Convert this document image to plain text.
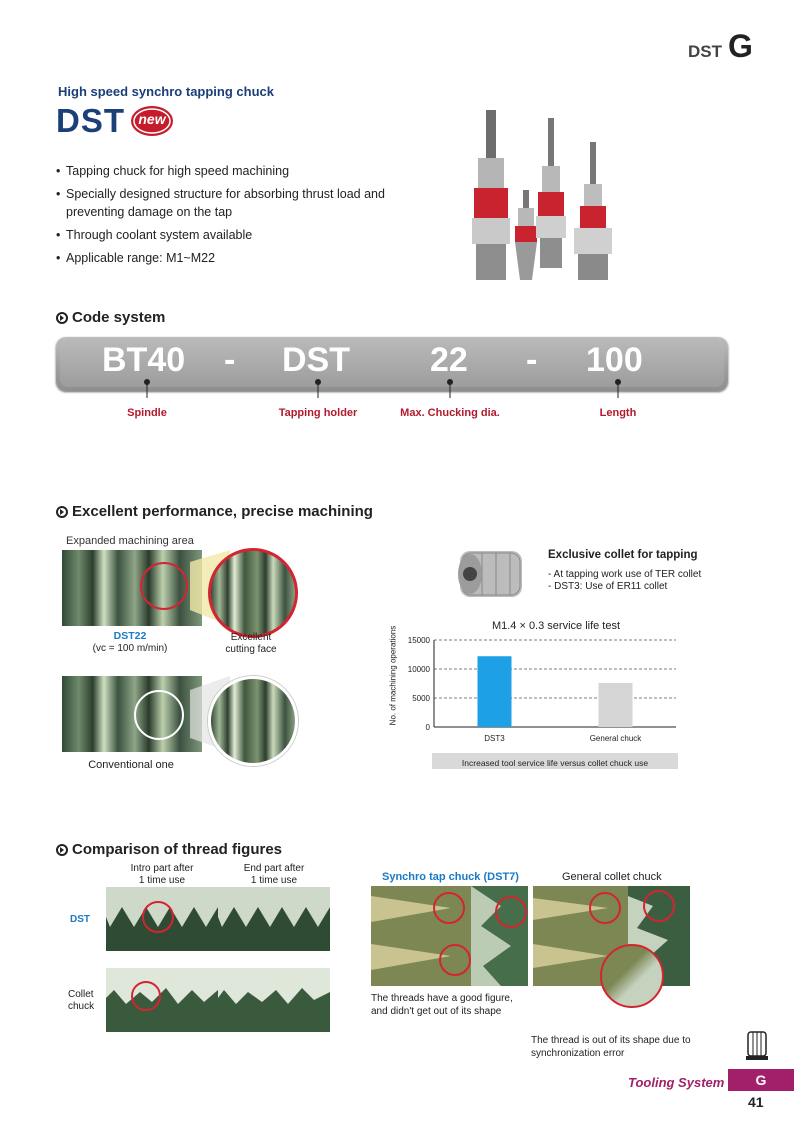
DST G
High speed synchro tapping chuck
DST new
• Tapping chuck for high speed machining
• Specially designed structure for absorbing thrust load and preventing damage on the tap
• Through coolant system available
• Applicable range: M1~M22
Code system
BT40 - DST 22 - 100
Spindle	Tapping holder	Max. Chucking dia.	Length
Excellent performance, precise machining
Expanded machining area
DST22
(vc = 100 m/min)
Excellent
cutting face
Conventional one
Exclusive collet for tapping
- At tapping work use of TER collet
- DST3: Use of ER11 collet
M1.4 × 0.3 service life test
No. of machining operations 15000
10000
5000
0
DST3	General chuck
Increased tool service life versus collet chuck use
Comparison of thread figures
Intro part after
1 time use
End part after
1 time use
DST
Collet
chuck
Synchro tap chuck (DST7)	General collet chuck
The threads have a good figure,
and didn't get out of its shape
The thread is out of its shape due to
synchronization error
Tooling System	G
41
